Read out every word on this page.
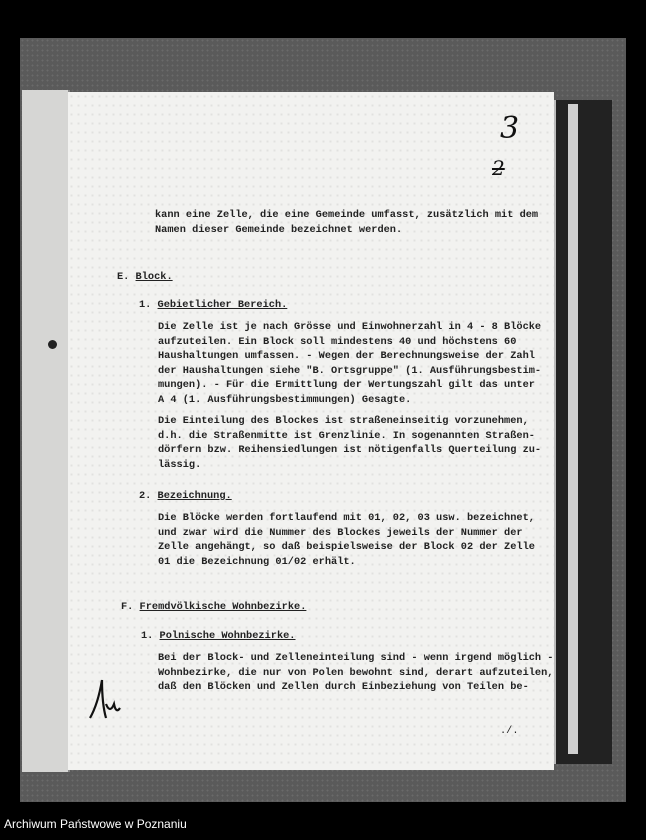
3
2
kann eine Zelle, die eine Gemeinde umfasst, zusätzlich mit dem
Namen dieser Gemeinde bezeichnet werden.
E. Block.
1. Gebietlicher Bereich.
Die Zelle ist je nach Grösse und Einwohnerzahl in 4 - 8 Blöcke
aufzuteilen. Ein Block soll mindestens 40 und höchstens 60
Haushaltungen umfassen. - Wegen der Berechnungsweise der Zahl
der Haushaltungen siehe "B. Ortsgruppe" (1. Ausführungsbestim-
mungen). - Für die Ermittlung der Wertungszahl gilt das unter
A 4 (1. Ausführungsbestimmungen) Gesagte.
Die Einteilung des Blockes ist straßeneinseitig vorzunehmen,
d.h. die Straßenmitte ist Grenzlinie. In sogenannten Straßen-
dörfern bzw. Reihensiedlungen ist nötigenfalls Querteilung zu-
lässig.
2. Bezeichnung.
Die Blöcke werden fortlaufend mit 01, 02, 03 usw. bezeichnet,
und zwar wird die Nummer des Blockes jeweils der Nummer der
Zelle angehängt, so daß beispielsweise der Block 02 der Zelle
01 die Bezeichnung 01/02 erhält.
F. Fremdvölkische Wohnbezirke.
1. Polnische Wohnbezirke.
Bei der Block- und Zelleneinteilung sind - wenn irgend möglich -
Wohnbezirke, die nur von Polen bewohnt sind, derart aufzuteilen,
daß den Blöcken und Zellen durch Einbeziehung von Teilen be-
./.
Archiwum Państwowe w Poznaniu
